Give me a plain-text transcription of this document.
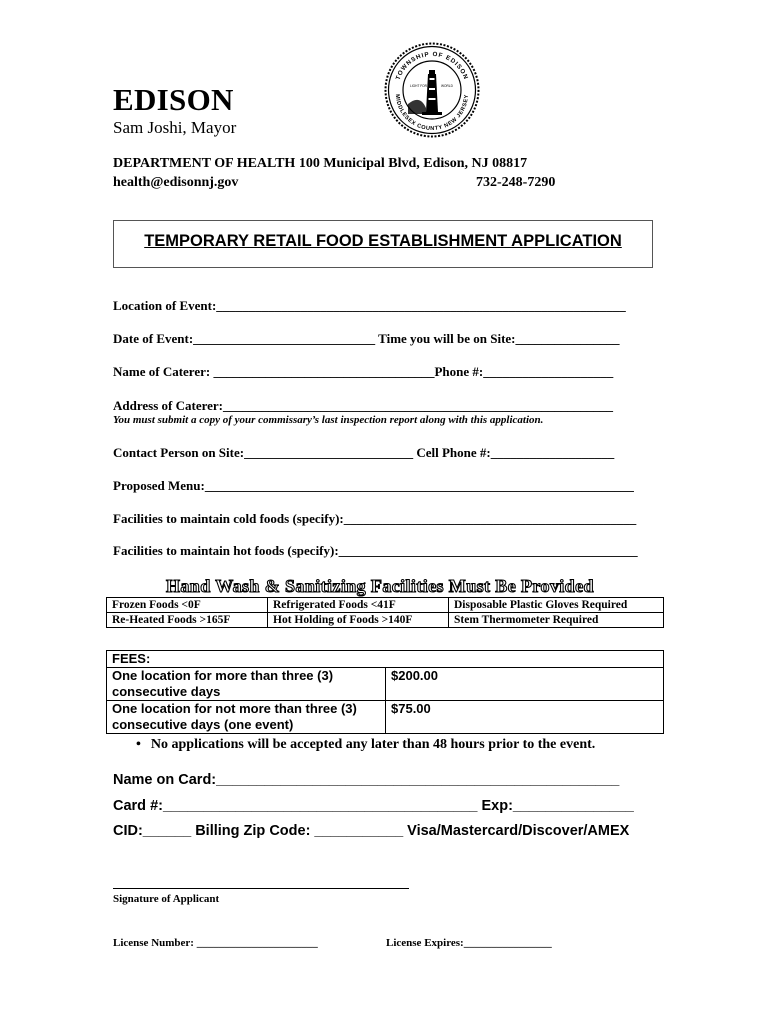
EDISON
Sam Joshi, Mayor
DEPARTMENT OF HEALTH 100 Municipal Blvd, Edison, NJ 08817
health@edisonnj.gov	732-248-7290
TOWNSHIP OF EDISON
MIDDLESEX COUNTY NEW JERSEY
LIGHT FOR THE WORLD
TEMPORARY RETAIL FOOD ESTABLISHMENT APPLICATION
Location of Event:_______________________________________________________________
Date of Event:____________________________ Time you will be on Site:________________
Name of Caterer: __________________________________Phone #:____________________
Address of Caterer:____________________________________________________________
You must submit a copy of your commissary’s last inspection report along with this application.
Contact Person on Site:__________________________ Cell Phone #:___________________
Proposed Menu:__________________________________________________________________
Facilities to maintain cold foods (specify):_____________________________________________
Facilities to maintain hot foods (specify):______________________________________________
Hand Wash & Sanitizing Facilities Must Be Provided
Frozen Foods <0F	Refrigerated Foods <41F	Disposable Plastic Gloves Required
Re-Heated Foods >165F	Hot Holding of Foods >140F	Stem Thermometer Required
FEES:	

One location for more than three (3)
consecutive days	$200.00

One location for not more than three (3)
consecutive days (one event)	$75.00
• No applications will be accepted any later than 48 hours prior to the event.
Name on Card:__________________________________________________
Card #:_______________________________________ Exp:_______________
CID:______ Billing Zip Code: ___________ Visa/Mastercard/Discover/AMEX
Signature of Applicant
License Number: ______________________	License Expires:________________
